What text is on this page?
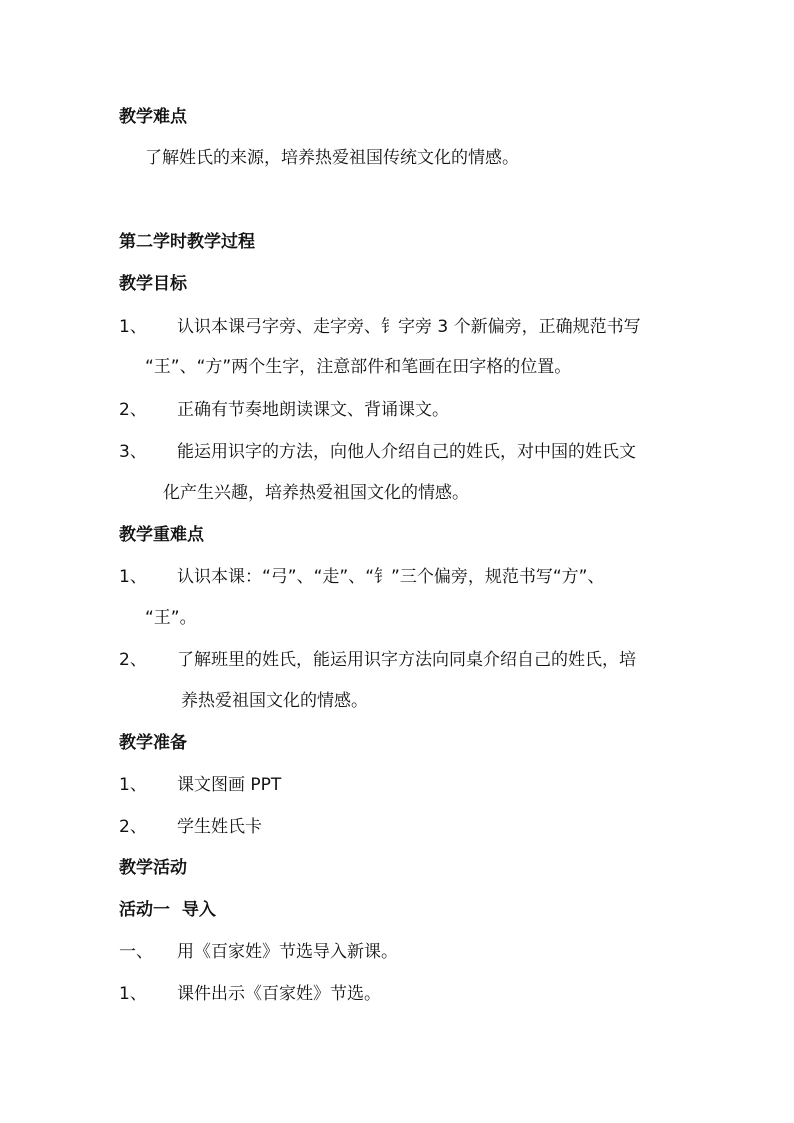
教学难点
了解姓氏的来源，培养热爱祖国传统文化的情感。
第二学时教学过程
教学目标
1、 认识本课弓字旁、走字旁、钅字旁 3 个新偏旁，正确规范书写
“王”、“方”两个生字，注意部件和笔画在田字格的位置。
2、 正确有节奏地朗读课文、背诵课文。
3、 能运用识字的方法，向他人介绍自己的姓氏，对中国的姓氏文
化产生兴趣，培养热爱祖国文化的情感。
教学重难点
1、 认识本课：“弓”、“走”、“钅”三个偏旁，规范书写“方”、
“王”。
2、 了解班里的姓氏，能运用识字方法向同桌介绍自己的姓氏，培
养热爱祖国文化的情感。
教学准备
1、 课文图画 PPT
2、 学生姓氏卡
教学活动
活动一  导入
一、 用《百家姓》节选导入新课。
1、 课件出示《百家姓》节选。
